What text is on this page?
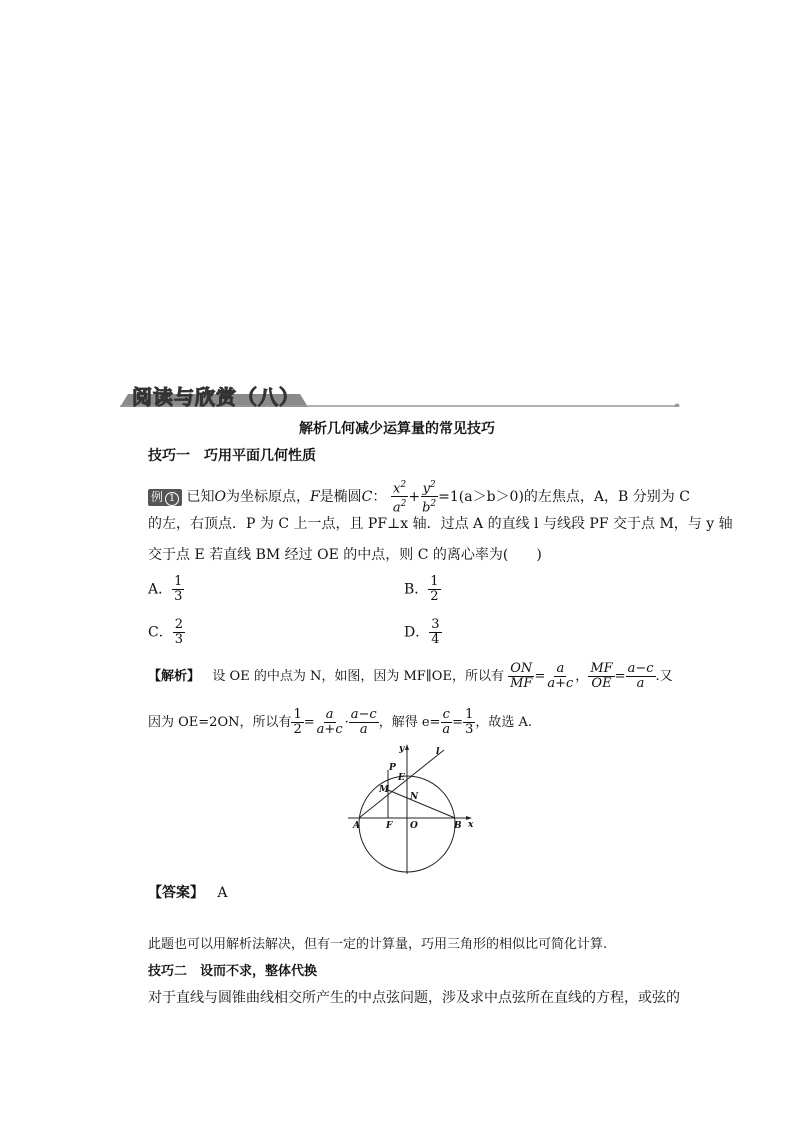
阅读与欣赏（八）
解析几何减少运算量的常见技巧
技巧一　巧用平面几何性质
例 1 已知O为坐标原点，F是椭圆C： $\frac{x^2}{a^2} + \frac{y^2}{b^2} =1(a>b>0)$的左焦点，A，B 分别为 C
的左，右顶点．P 为 C 上一点，且 PF⊥x 轴．过点 A 的直线 l 与线段 PF 交于点 M，与 y 轴
交于点 E 若直线 BM 经过 OE 的中点，则 C 的离心率为(　　)
A． $\frac{1}{3}$	B． $\frac{1}{2}$
C． $\frac{2}{3}$	D． $\frac{3}{4}$
【解析】 设 OE 的中点为 N，如图，因为 MF∥OE，所以有 $\frac{ON}{MF} = \frac{a}{a+c}$ ， $\frac{MF}{OE} = \frac{a-c}{a}$ .又
因为 OE=2ON，所以有 $\frac{1}{2} = \frac{a}{a+c} \cdot \frac{a-c}{a}$ ，解得 $e= \frac{c}{a} = \frac{1}{3}$ ，故选 A.
y
x
l
P
E
M
N
A	F O	B
【答案】 A
此题也可以用解析法解决，但有一定的计算量，巧用三角形的相似比可简化计算.
技巧二　设而不求，整体代换
对于直线与圆锥曲线相交所产生的中点弦问题，涉及求中点弦所在直线的方程，或弦的
